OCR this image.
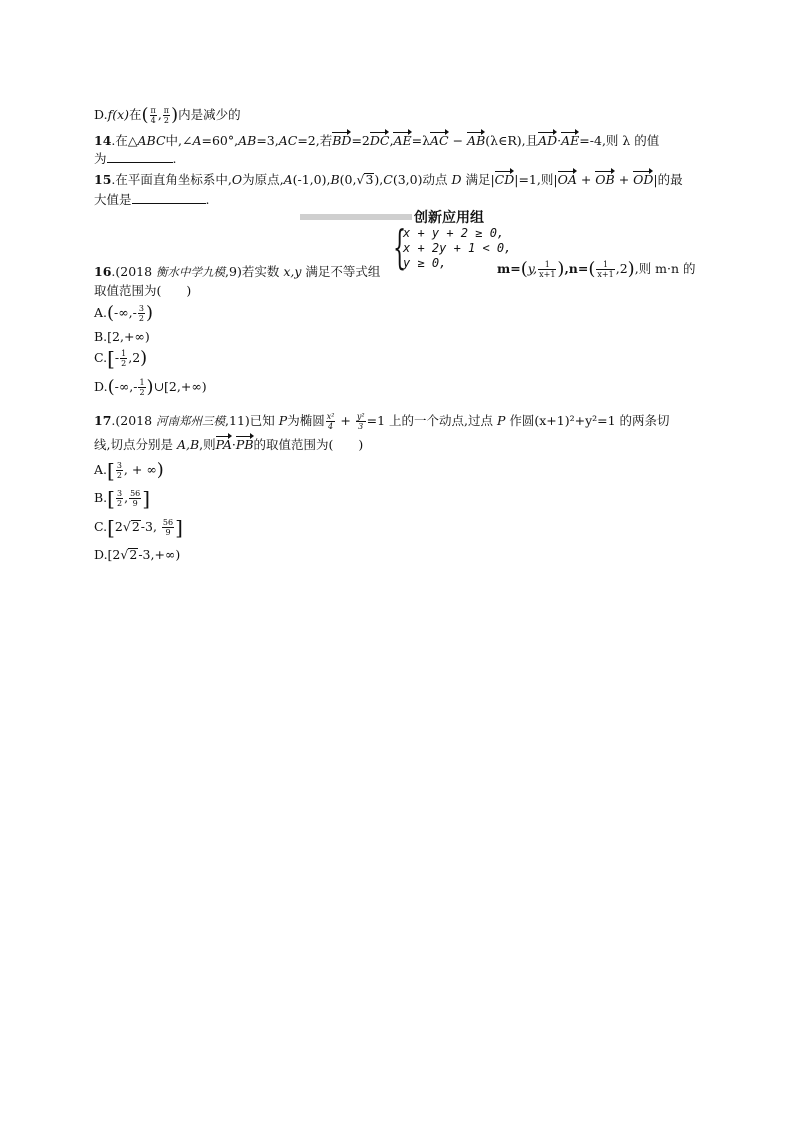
D.f(x)在( $\frac{\pi}{4}$ , $\frac{\pi}{2}$ )内是减少的
14.在△ABC中,∠A=60°,AB=3,AC=2,若BD=2DC,AE=λAC − AB(λ∈R),且AD·AE=-4,则 λ 的值
为	.
15.在平面直角坐标系中,O为原点,A(-1,0),B(0,√3),C(3,0)动点 D 满足|CD|=1,则|OA + OB + OD|的最
大值是	.
创新应用组
{
x + y + 2 ≥ 0,
x + 2y + 1 < 0,
y ≥ 0,
16.(2018 衡水中学九模,9)若实数 x,y 满足不等式组	m=(y, $\frac{1}{x+1} ),n=( \frac{1}{x+1} ,2)$,则 m·n 的
取值范围为(　　)
$A.(-\infty,- \frac{3}{2}$ )
B.[2,+∞)
$C.[- \frac{1}{2} ,2)$
$D.(-\infty,- \frac{1}{2}$ )∪[2,+∞)
17.(2018 河南郑州三模,11)已知 P为椭圆 $\frac{\text{x²}}{4} + \frac{\text{y²}}{3} =1$ 上的一个动点,过点 P 作圆(x+1)²+y²=1 的两条切
线,切点分别是 A,B,则PA·PB的取值范围为(　　)
$A.[ \frac{3}{2}$ , + ∞)
$B.[ \frac{3}{2}$ , $\frac{56}{9}$ ]
C.[2√2-3, $\frac{56}{9}$ ]
D.[2√2-3,+∞)
